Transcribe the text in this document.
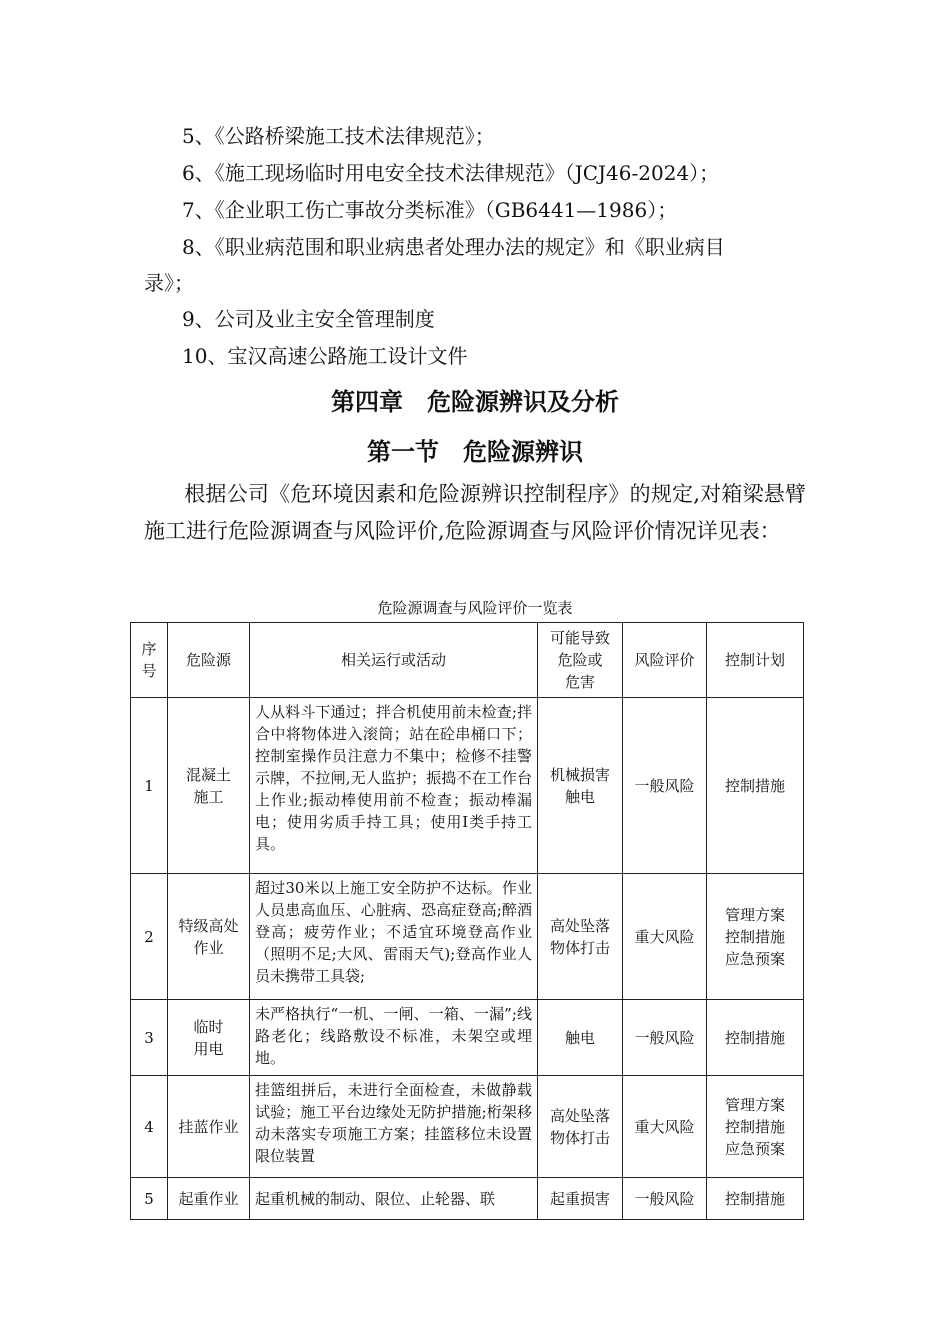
5、《公路桥梁施工技术法律规范》；
6、《施工现场临时用电安全技术法律规范》（JCJ46-2024）；
7、《企业职工伤亡事故分类标准》（GB6441—1986）；
8、《职业病范围和职业病患者处理办法的规定》和《职业病目
录》；
9、公司及业主安全管理制度
10、宝汉高速公路施工设计文件
第四章　危险源辨识及分析
第一节　危险源辨识
根据公司《危环境因素和危险源辨识控制程序》的规定,对箱梁悬臂施工进行危险源调查与风险评价,危险源调查与风险评价情况详见表：
危险源调查与风险评价一览表
序
号	危险源	相关运行或活动	可能导致
危险或
危害	风险评价	控制计划
1	混凝土
施工	人从料斗下通过；拌合机使用前未检查;拌合中将物体进入滚筒；站在砼串桶口下；控制室操作员注意力不集中；检修不挂警示牌，不拉闸,无人监护；振捣不在工作台上作业;振动棒使用前不检查；振动棒漏电；使用劣质手持工具；使用Ⅰ类手持工具。	机械损害
触电	一般风险	控制措施

2	特级高处
作业	超过30米以上施工安全防护不达标。作业人员患高血压、心脏病、恐高症登高;醉酒登高；疲劳作业；不适宜环境登高作业（照明不足;大风、雷雨天气);登高作业人员未携带工具袋;	高处坠落
物体打击	重大风险	管理方案
控制措施
应急预案

3	临时
用电	未严格执行“一机、一闸、一箱、一漏”;线路老化；线路敷设不标准，未架空或埋地。	触电	一般风险	控制措施

4	挂蓝作业	挂篮组拼后，未进行全面检查，未做静载试验；施工平台边缘处无防护措施;桁架移动未落实专项施工方案；挂篮移位未设置限位装置	高处坠落
物体打击	重大风险	管理方案
控制措施
应急预案

5	起重作业	起重机械的制动、限位、止轮器、联	起重损害	一般风险	控制措施
